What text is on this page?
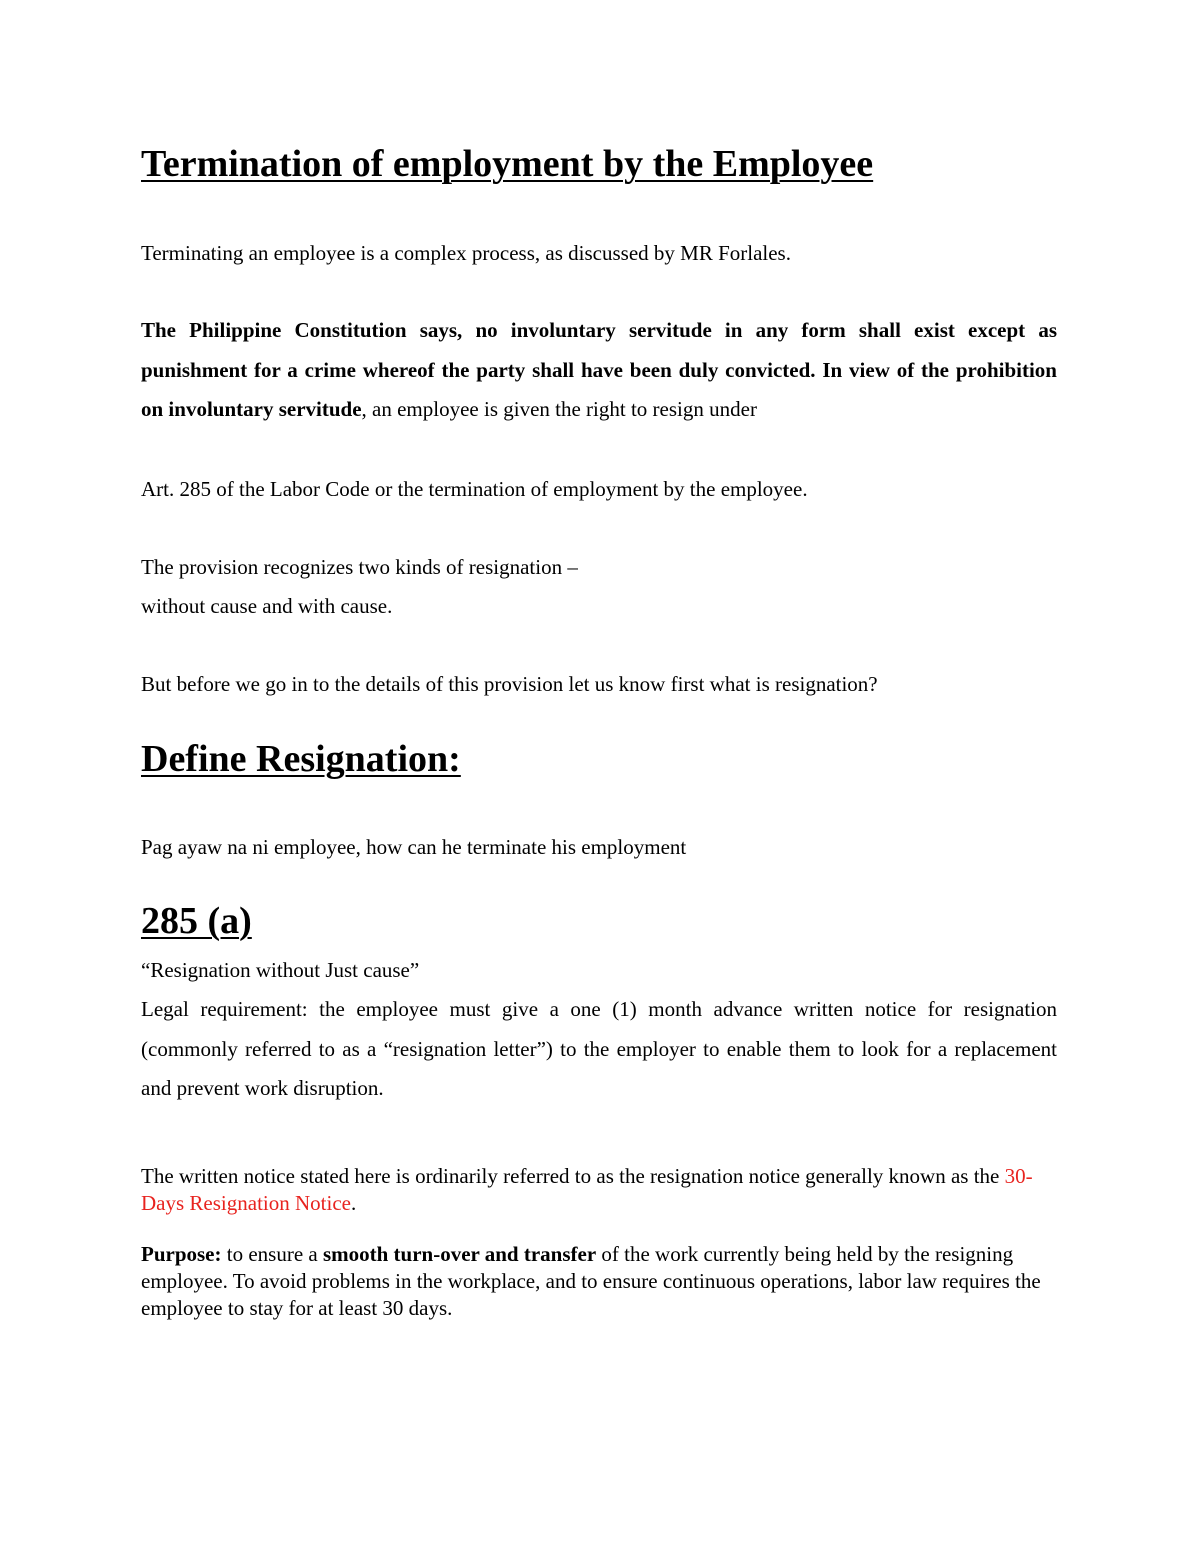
Termination of employment by the Employee

Terminating an employee is a complex process, as discussed by MR Forlales.

The Philippine Constitution says, no involuntary servitude in any form shall exist except as punishment for a crime whereof the party shall have been duly convicted. In view of the prohibition on involuntary servitude, an employee is given the right to resign under

Art. 285 of the Labor Code or the termination of employment by the employee.

The provision recognizes two kinds of resignation –

without cause and with cause.

But before we go in to the details of this provision let us know first what is resignation?

Define Resignation:

Pag ayaw na ni employee, how can he terminate his employment

285 (a)

“Resignation without Just cause”

Legal requirement: the employee must give a one (1) month advance written notice for resignation (commonly referred to as a “resignation letter”) to the employer to enable them to look for a replacement and prevent work disruption.

The written notice stated here is ordinarily referred to as the resignation notice generally known as the 30-Days Resignation Notice.

Purpose: to ensure a smooth turn-over and transfer of the work currently being held by the resigning employee. To avoid problems in the workplace, and to ensure continuous operations, labor law requires the employee to stay for at least 30 days.
